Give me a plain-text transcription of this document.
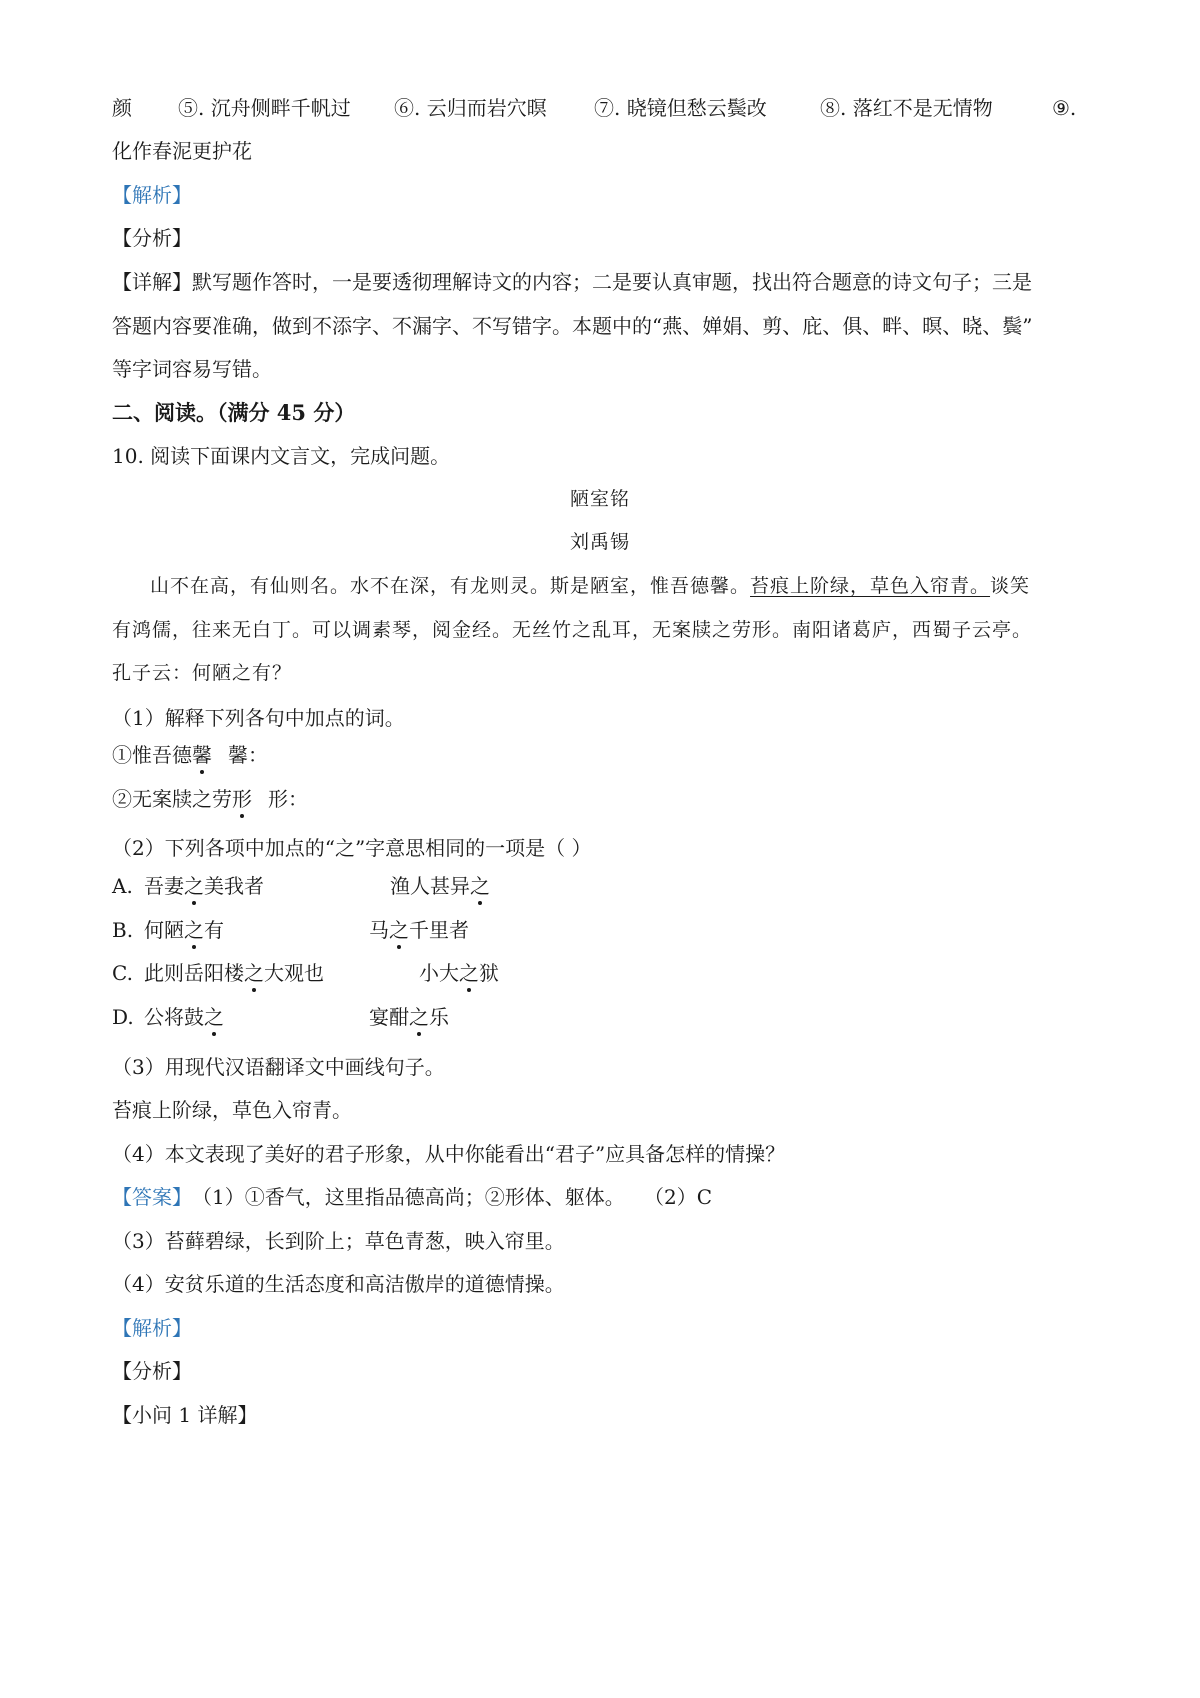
颜 ⑤. 沉舟侧畔千帆过 ⑥. 云归而岩穴暝 ⑦. 晓镜但愁云鬓改	⑧. 落红不是无情物	⑨.
化作春泥更护花
【解析】
【分析】
【详解】默写题作答时，一是要透彻理解诗文的内容；二是要认真审题，找出符合题意的诗文句子；三是
答题内容要准确，做到不添字、不漏字、不写错字。本题中的“燕、婵娟、剪、庇、俱、畔、暝、晓、鬓”
等字词容易写错。
二、阅读。（满分 45 分）
10. 阅读下面课内文言文，完成问题。
陋室铭
刘禹锡
山不在高，有仙则名。水不在深，有龙则灵。斯是陋室，惟吾德馨。苔痕上阶绿，草色入帘青。谈笑
有鸿儒，往来无白丁。可以调素琴，阅金经。无丝竹之乱耳，无案牍之劳形。南阳诸葛庐，西蜀子云亭。
孔子云：何陋之有？
（1）解释下列各句中加点的词。
①惟吾德馨 馨：
②无案牍之劳形 形：
（2）下列各项中加点的“之”字意思相同的一项是（ ）
A. 吾妻之美我者	渔人甚异之
B. 何陋之有	马之千里者
C. 此则岳阳楼之大观也	小大之狱
D. 公将鼓之	宴酣之乐
（3）用现代汉语翻译文中画线句子。
苔痕上阶绿，草色入帘青。
（4）本文表现了美好的君子形象，从中你能看出“君子”应具备怎样的情操？
【答案】（1）①香气，这里指品德高尚；②形体、躯体。 （2）C
（3）苔藓碧绿，长到阶上；草色青葱，映入帘里。
（4）安贫乐道的生活态度和高洁傲岸的道德情操。
【解析】
【分析】
【小问 1 详解】
